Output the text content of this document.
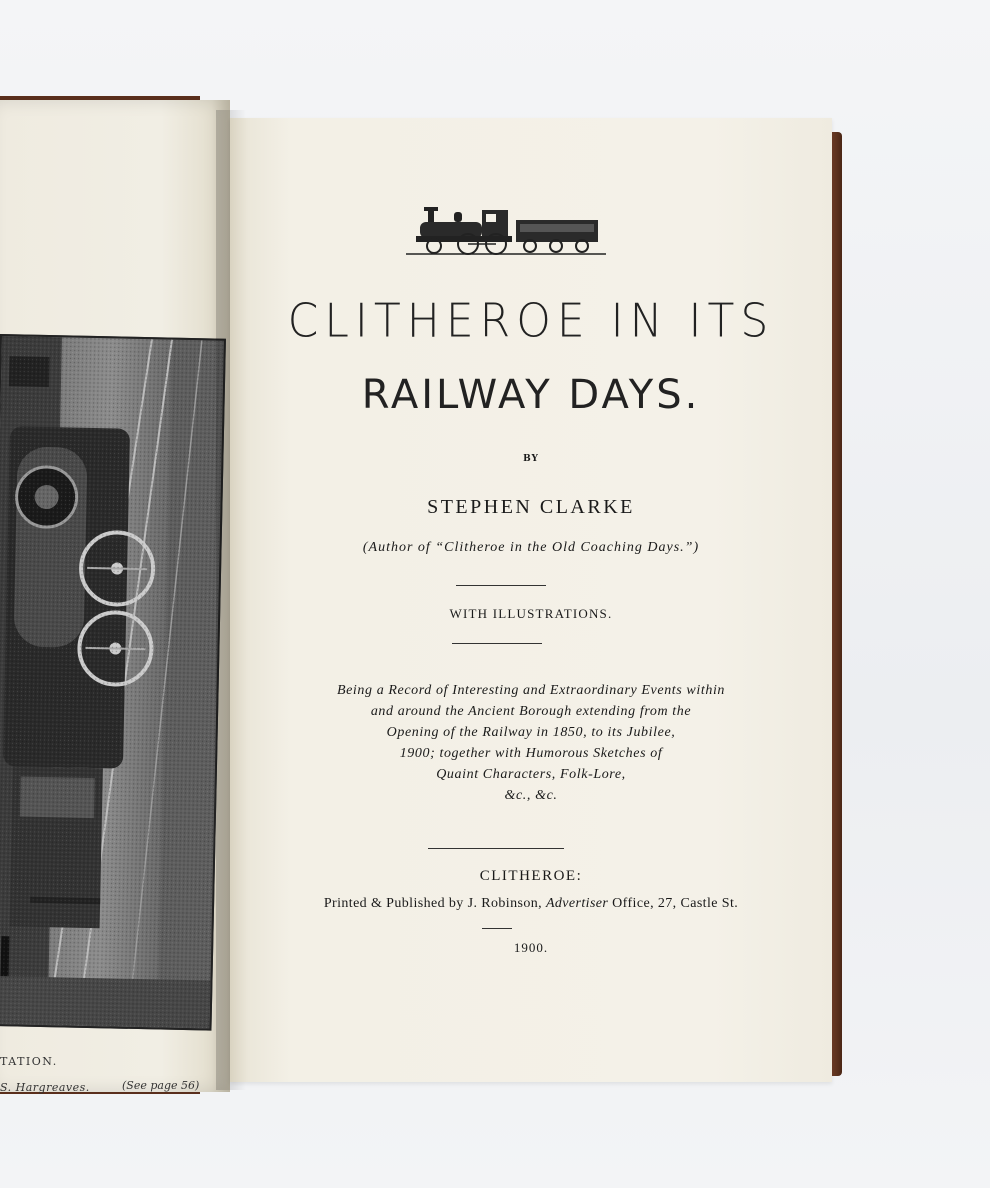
TATION.
S. Hargreaves.	(See page 56)
CLITHEROE IN ITS
RAILWAY DAYS.
BY
STEPHEN CLARKE
(Author of “Clitheroe in the Old Coaching Days.”)
WITH ILLUSTRATIONS.
Being a Record of Interesting and Extraordinary Events within
and around the Ancient Borough extending from the
Opening of the Railway in 1850, to its Jubilee,
1900; together with Humorous Sketches of
Quaint Characters, Folk-Lore,
&c., &c.
CLITHEROE:
Printed & Published by J. Robinson, Advertiser Office, 27, Castle St.
1900.
